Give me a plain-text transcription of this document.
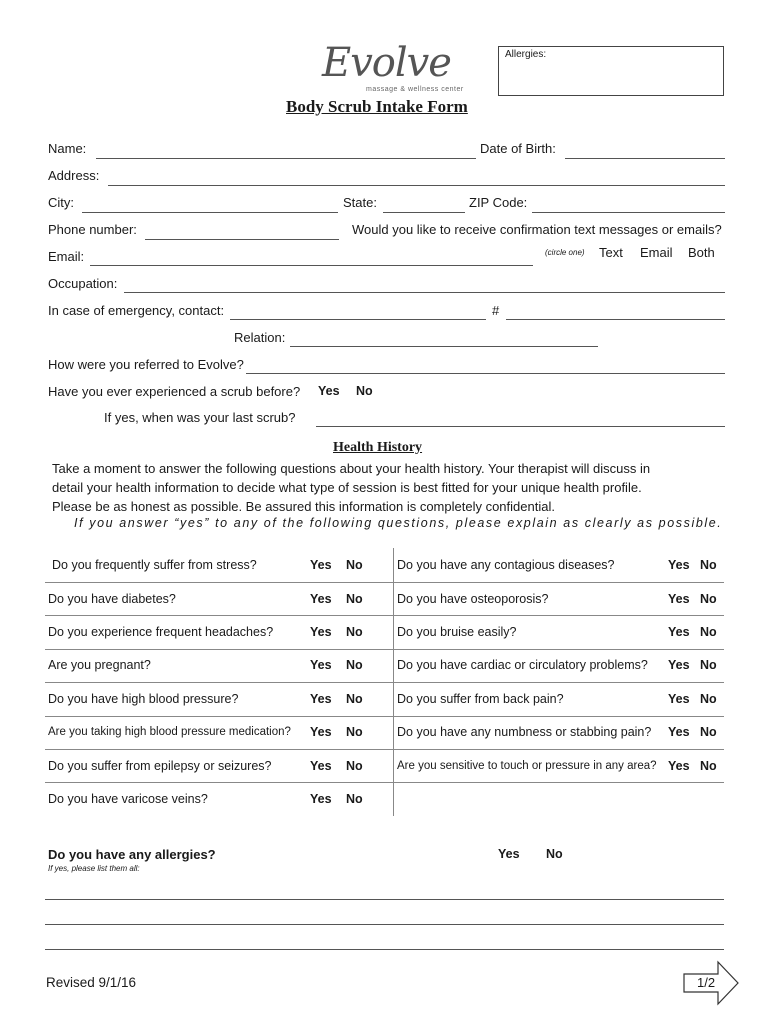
Evolve
massage & wellness center
Allergies:
Body Scrub Intake Form
Name:	Date of Birth:
Address:
City:	State:	ZIP Code:
Phone number:	Would you like to receive confirmation text messages or emails?
Email:	(circle one) Text Email Both
Occupation:
In case of emergency, contact:	#
Relation:
How were you referred to Evolve?
Have you ever experienced a scrub before? Yes No
If yes, when was your last scrub?
Health History
Take a moment to answer the following questions about your health history. Your therapist will discuss in
detail your health information to decide what type of session is best fitted for your unique health profile.
Please be as honest as possible. Be assured this information is completely confidential.
If you answer “yes” to any of the following questions, please explain as clearly as possible.
Do you frequently suffer from stress?	Yes No
Do you have diabetes?	Yes No
Do you experience frequent headaches?	Yes No
Are you pregnant?	Yes No
Do you have high blood pressure?	Yes No
Are you taking high blood pressure medication? Yes No
Do you suffer from epilepsy or seizures?	Yes No
Do you have varicose veins?	Yes No
Do you have any contagious diseases?	Yes No
Do you have osteoporosis?	Yes No
Do you bruise easily?	Yes No
Do you have cardiac or circulatory problems? Yes No
Do you suffer from back pain?	Yes No
Do you have any numbness or stabbing pain? Yes No
Are you sensitive to touch or pressure in any area? Yes No
Do you have any allergies?	Yes No
If yes, please list them all:
Revised 9/1/16	1/2
